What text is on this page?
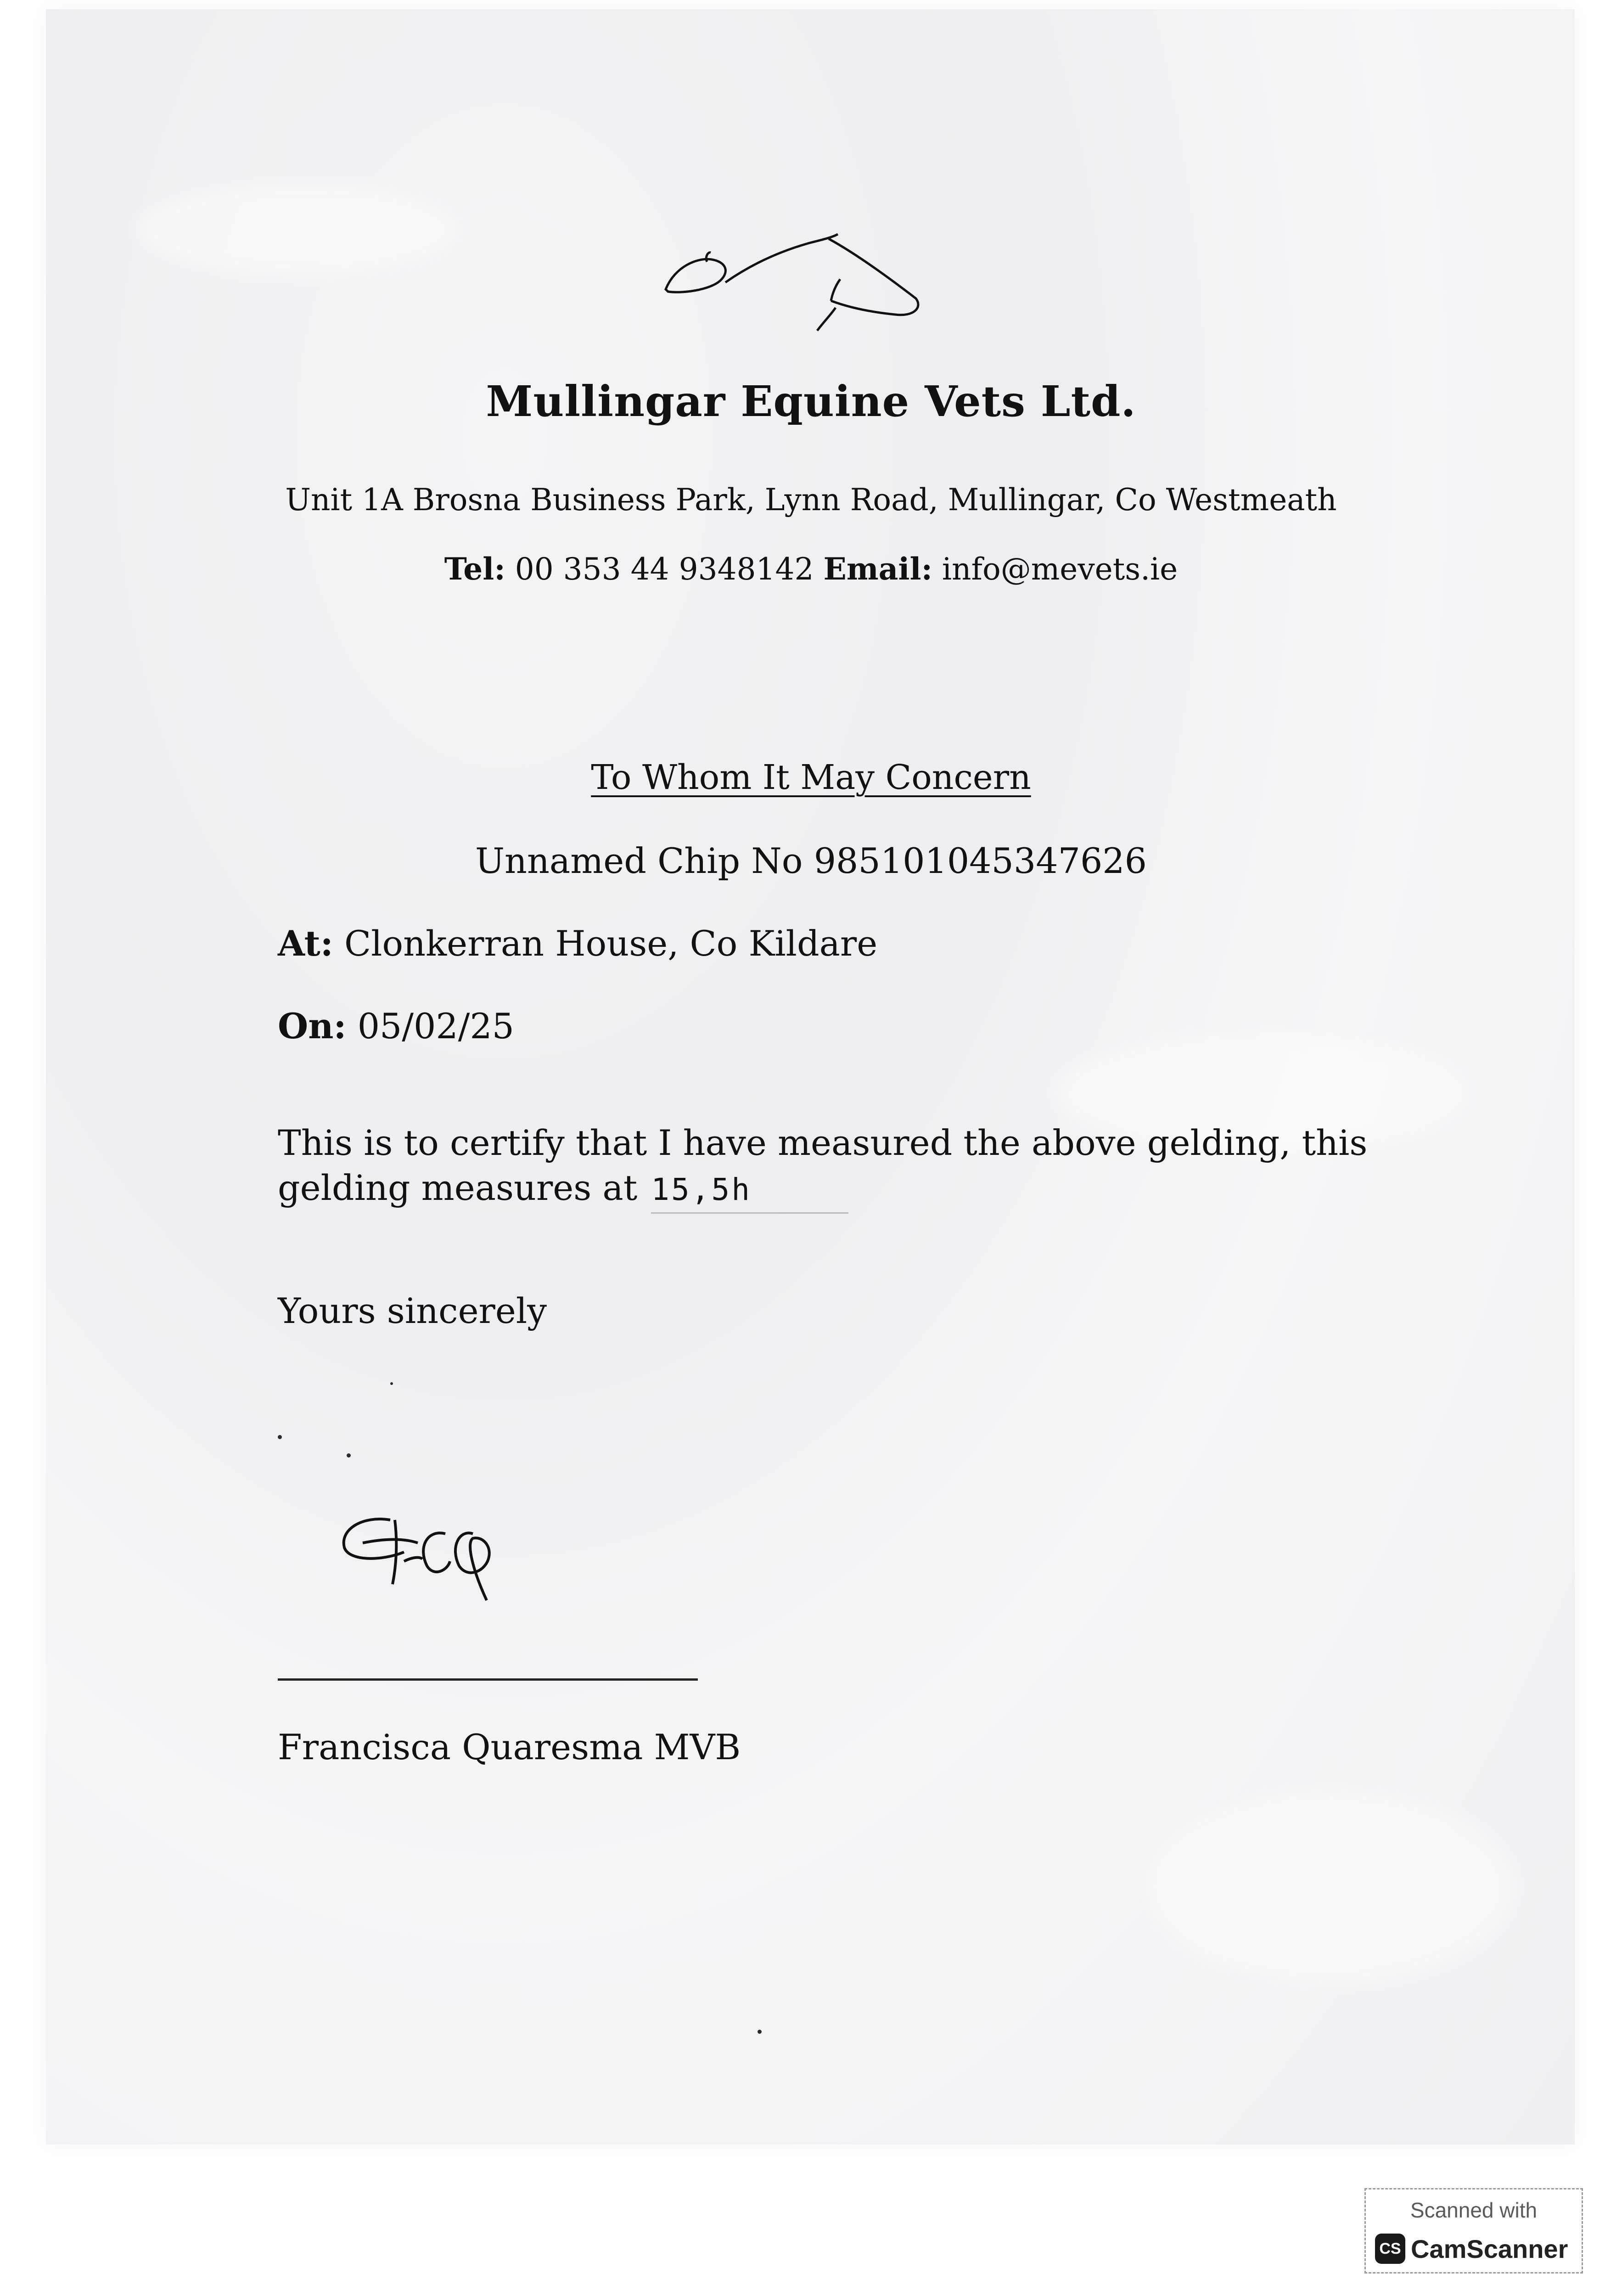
Mullingar Equine Vets Ltd.
Unit 1A Brosna Business Park, Lynn Road, Mullingar, Co Westmeath
Tel: 00 353 44 9348142 Email: info@mevets.ie
To Whom It May Concern
Unnamed Chip No 985101045347626
At: Clonkerran House, Co Kildare
On: 05/02/25
This is to certify that I have measured the above gelding, this gelding measures at 15,5h
Yours sincerely
Francisca Quaresma MVB
Scanned with
CS CamScanner
